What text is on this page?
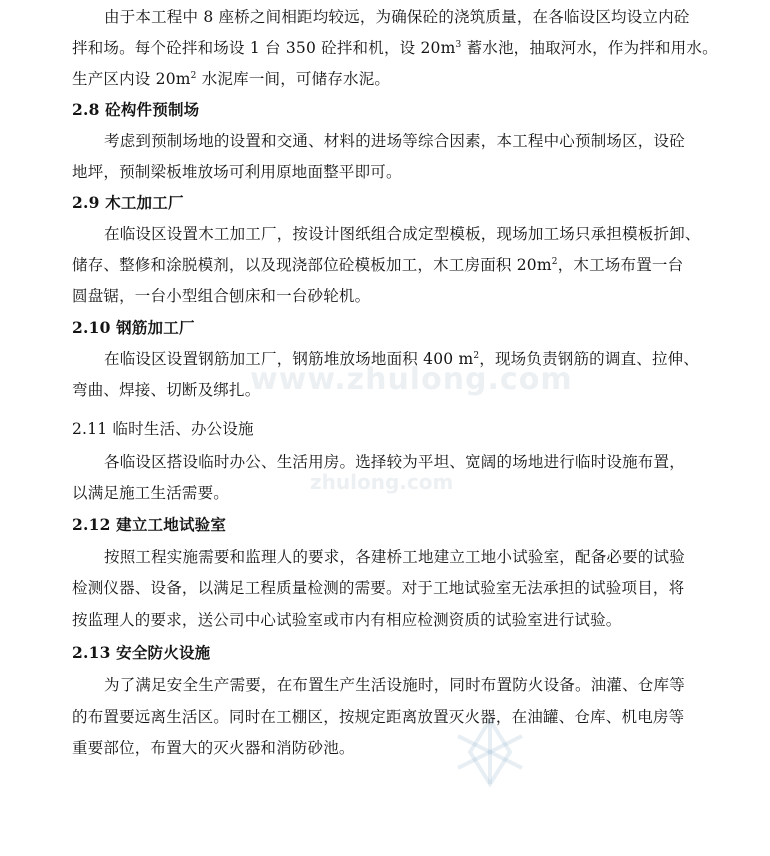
www.zhulong.com
zhulong.com
由于本工程中 8 座桥之间相距均较远，为确保砼的浇筑质量，在各临设区均设立内砼
拌和场。每个砼拌和场设 1 台 350 砼拌和机，设 $20m^3$ 蓄水池，抽取河水，作为拌和用水。
生产区内设 $20m^2$ 水泥库一间，可储存水泥。
2.8 砼构件预制场
考虑到预制场地的设置和交通、材料的进场等综合因素，本工程中心预制场区，设砼
地坪，预制梁板堆放场可利用原地面整平即可。
2.9 木工加工厂
在临设区设置木工加工厂，按设计图纸组合成定型模板，现场加工场只承担模板折卸、
储存、整修和涂脱模剂，以及现浇部位砼模板加工，木工房面积 $20m^2$，木工场布置一台
圆盘锯，一台小型组合刨床和一台砂轮机。
2.10 钢筋加工厂
在临设区设置钢筋加工厂，钢筋堆放场地面积 400 $m^2$，现场负责钢筋的调直、拉伸、
弯曲、焊接、切断及绑扎。
2.11 临时生活、办公设施
各临设区搭设临时办公、生活用房。选择较为平坦、宽阔的场地进行临时设施布置，
以满足施工生活需要。
2.12 建立工地试验室
按照工程实施需要和监理人的要求，各建桥工地建立工地小试验室，配备必要的试验
检测仪器、设备，以满足工程质量检测的需要。对于工地试验室无法承担的试验项目，将
按监理人的要求，送公司中心试验室或市内有相应检测资质的试验室进行试验。
2.13 安全防火设施
为了满足安全生产需要，在布置生产生活设施时，同时布置防火设备。油灌、仓库等
的布置要远离生活区。同时在工棚区，按规定距离放置灭火器，在油罐、仓库、机电房等
重要部位，布置大的灭火器和消防砂池。
